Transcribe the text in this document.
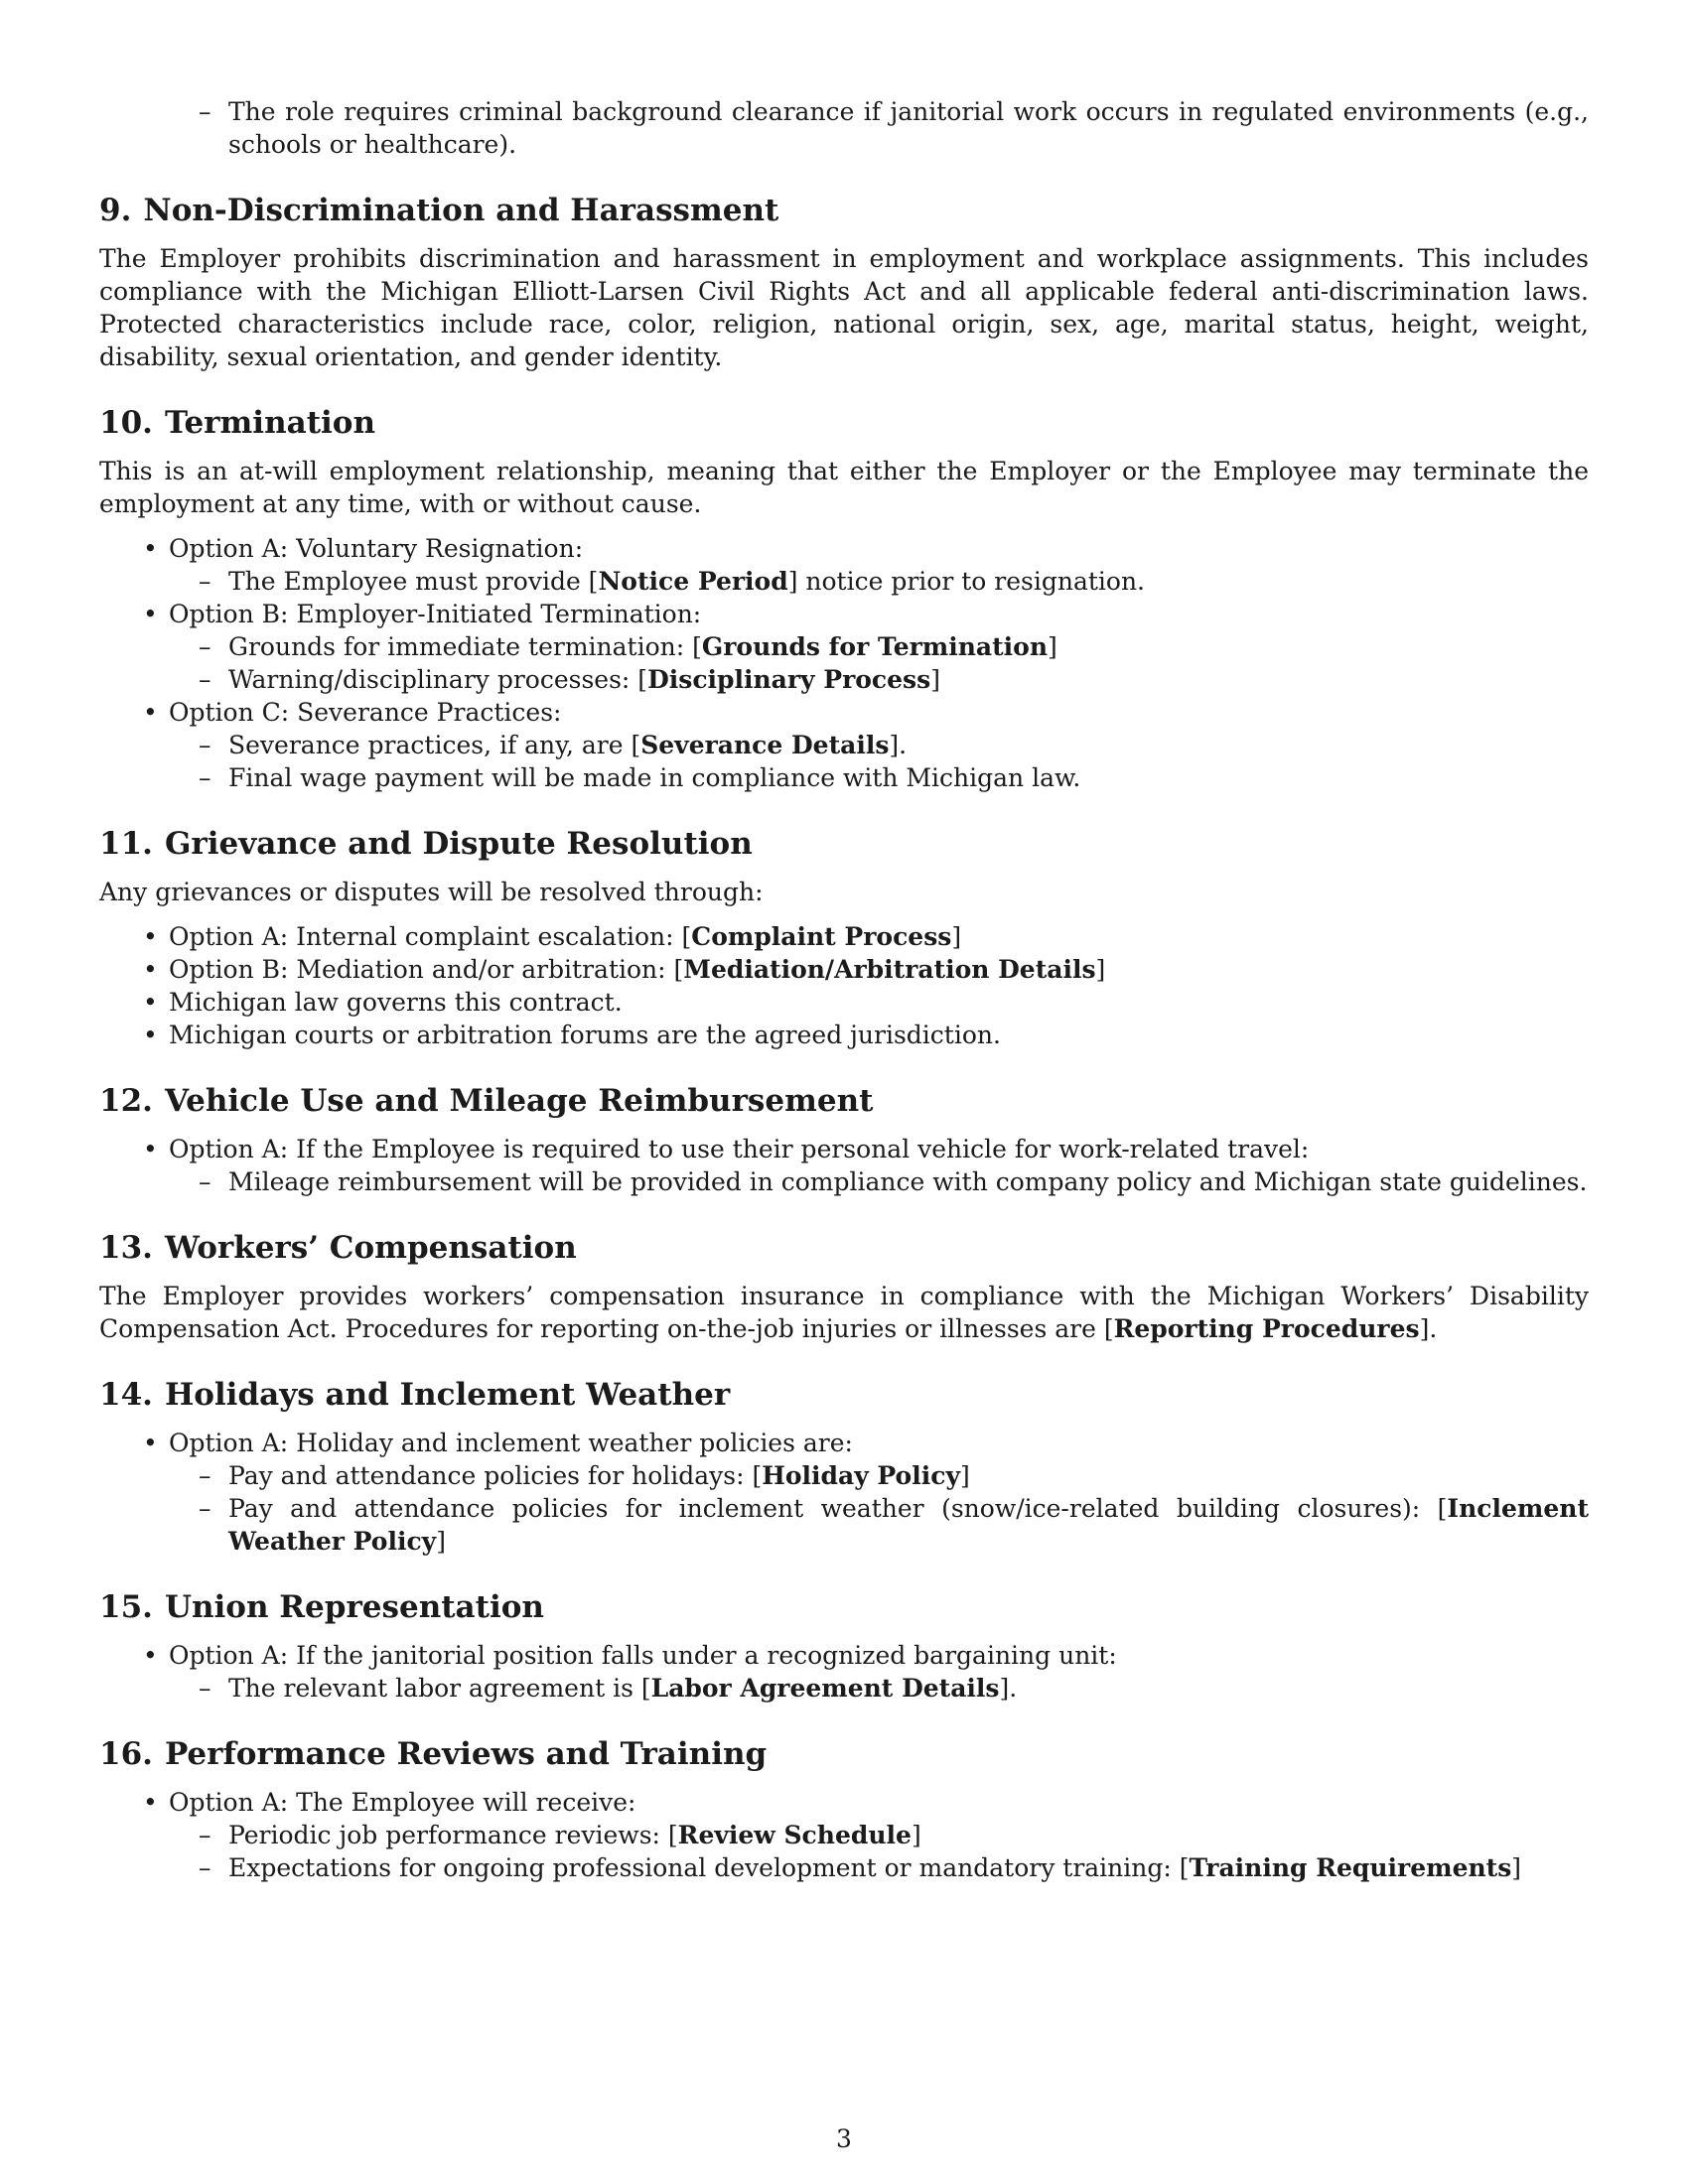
– The role requires criminal background clearance if janitorial work occurs in regulated environments (e.g., schools or healthcare).
9. Non-Discrimination and Harassment

The Employer prohibits discrimination and harassment in employment and workplace assignments. This includes compliance with the Michigan Elliott-Larsen Civil Rights Act and all applicable federal anti-discrimination laws. Protected characteristics include race, color, religion, national origin, sex, age, marital status, height, weight, disability, sexual orientation, and gender identity.

10. Termination

This is an at-will employment relationship, meaning that either the Employer or the Employee may terminate the employment at any time, with or without cause.

• Option A: Voluntary Resignation:
– The Employee must provide [Notice Period] notice prior to resignation.
• Option B: Employer-Initiated Termination:
– Grounds for immediate termination: [Grounds for Termination]
– Warning/disciplinary processes: [Disciplinary Process]
• Option C: Severance Practices:
– Severance practices, if any, are [Severance Details].
– Final wage payment will be made in compliance with Michigan law.
11. Grievance and Dispute Resolution

Any grievances or disputes will be resolved through:

• Option A: Internal complaint escalation: [Complaint Process]
• Option B: Mediation and/or arbitration: [Mediation/Arbitration Details]
• Michigan law governs this contract.
• Michigan courts or arbitration forums are the agreed jurisdiction.
12. Vehicle Use and Mileage Reimbursement
• Option A: If the Employee is required to use their personal vehicle for work-related travel:
– Mileage reimbursement will be provided in compliance with company policy and Michigan state guidelines.
13. Workers’ Compensation

The Employer provides workers’ compensation insurance in compliance with the Michigan Workers’ Disability Compensation Act. Procedures for reporting on-the-job injuries or illnesses are [Reporting Procedures].

14. Holidays and Inclement Weather
• Option A: Holiday and inclement weather policies are:
– Pay and attendance policies for holidays: [Holiday Policy]
– Pay and attendance policies for inclement weather (snow/ice-related building closures): [Inclement Weather Policy]
15. Union Representation
• Option A: If the janitorial position falls under a recognized bargaining unit:
– The relevant labor agreement is [Labor Agreement Details].
16. Performance Reviews and Training
• Option A: The Employee will receive:
– Periodic job performance reviews: [Review Schedule]
– Expectations for ongoing professional development or mandatory training: [Training Requirements]
3
